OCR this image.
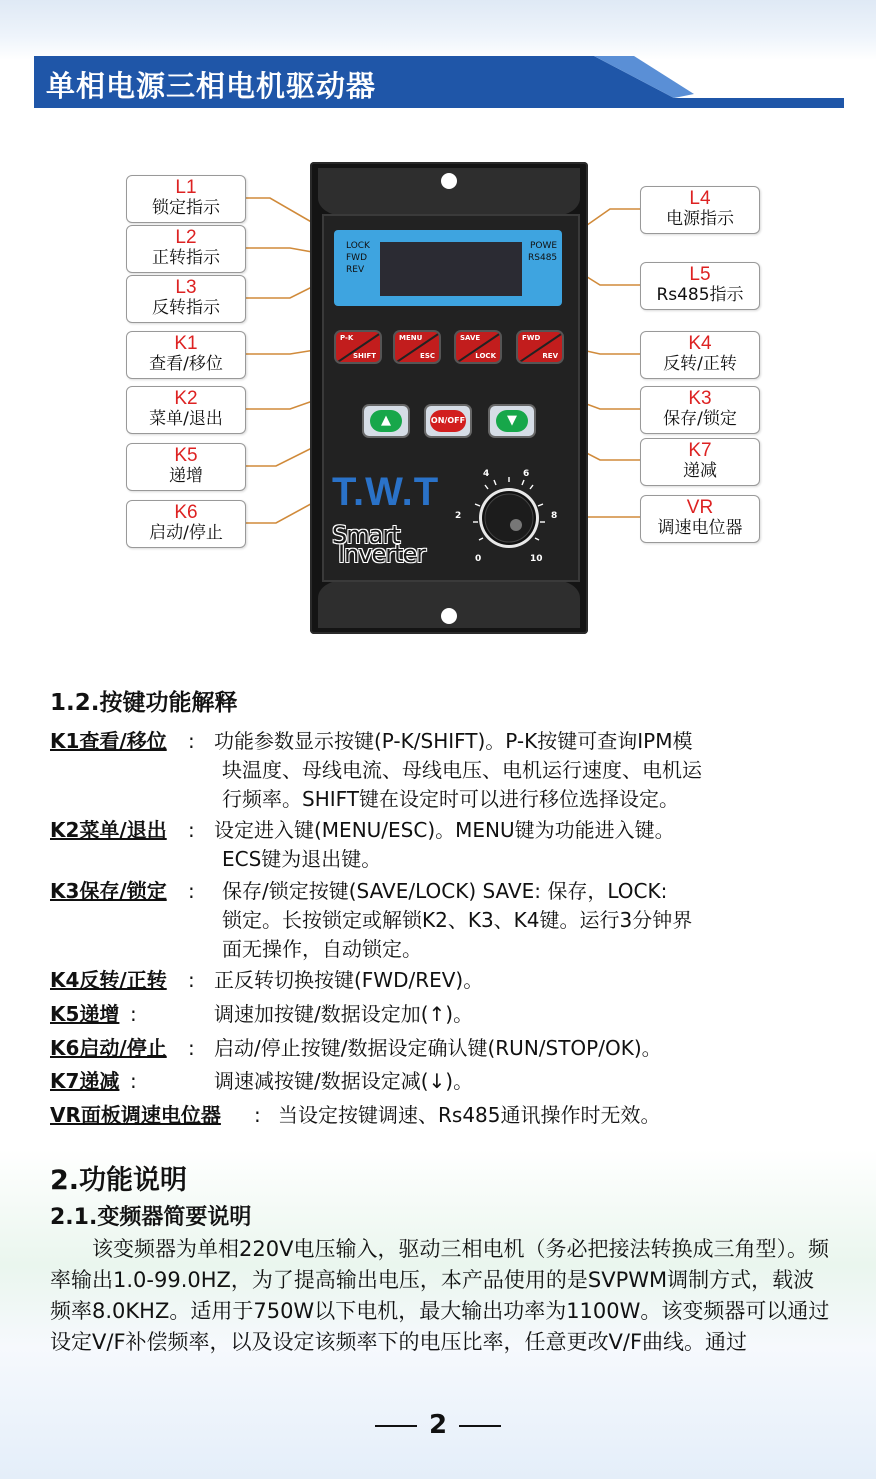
单相电源三相电机驱动器
L1
锁定指示
L2
正转指示
L3
反转指示
K1
查看/移位
K2
菜单/退出
K5
递增
K6
启动/停止
L4
电源指示
L5
Rs485指示
K4
反转/正转
K3
保存/锁定
K7
递减
VR
调速电位器
LOCK
FWD
REV
POWE
RS485
P-K
SHIFT
MENU
ESC
SAVE
LOCK
FWD
REV
▲	ON/OFF	▼
0
2
4	6
8
10
T.W.T
Smart
Inverter
1.2.按键功能解释
K1查看/移位 : 功能参数显示按键(P-K/SHIFT)。P-K按键可查询IPM模
块温度、母线电流、母线电压、电机运行速度、电机运
行频率。SHIFT键在设定时可以进行移位选择设定。
K2菜单/退出 : 设定进入键(MENU/ESC)。MENU键为功能进入键。
ECS键为退出键。
K3保存/锁定 : 保存/锁定按键(SAVE/LOCK) SAVE: 保存，LOCK:
锁定。长按锁定或解锁K2、K3、K4键。运行3分钟界
面无操作，自动锁定。
K4反转/正转 : 正反转切换按键(FWD/REV)。
K5递增 :	调速加按键/数据设定加(↑)。
K6启动/停止 : 启动/停止按键/数据设定确认键(RUN/STOP/OK)。
K7递减 :	调速减按键/数据设定减(↓)。
VR面板调速电位器 : 当设定按键调速、Rs485通讯操作时无效。
2.功能说明
2.1.变频器简要说明
该变频器为单相220V电压输入，驱动三相电机（务必把接法转换成三角型）。频率输出1.0-99.0HZ，为了提高输出电压，本产品使用的是SVPWM调制方式，载波频率8.0KHZ。适用于750W以下电机，最大输出功率为1100W。该变频器可以通过设定V/F补偿频率，以及设定该频率下的电压比率，任意更改V/F曲线。通过
2
